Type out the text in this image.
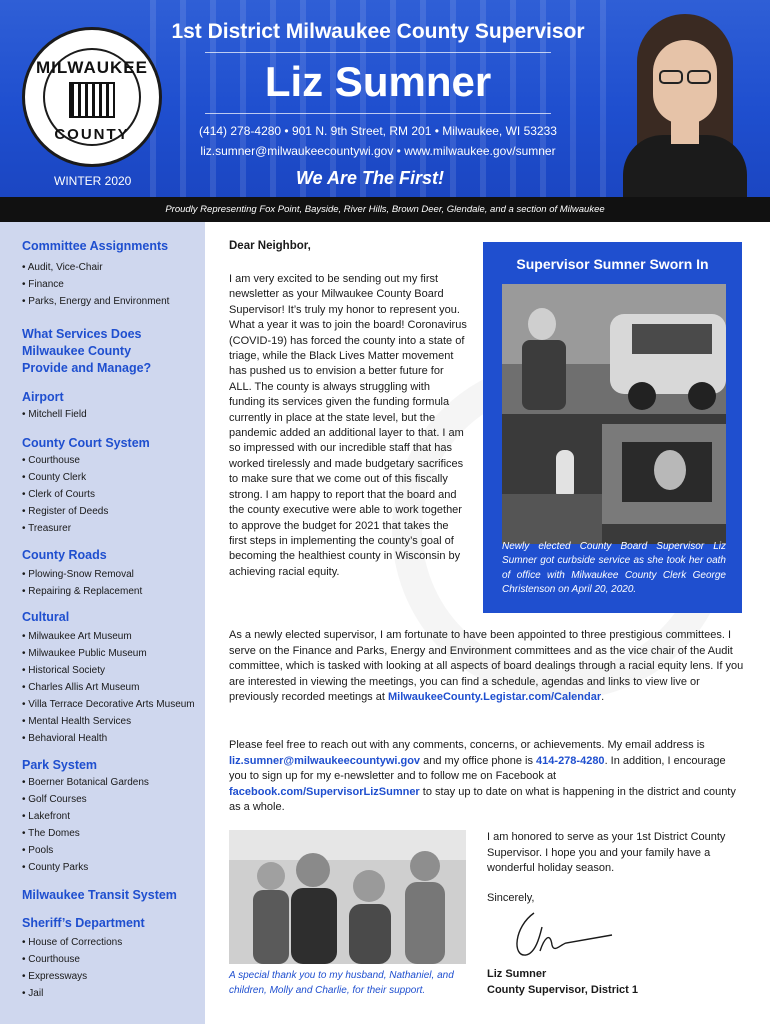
MILWAUKEE
COUNTY
1st District Milwaukee County Supervisor
Liz Sumner
(414) 278-4280 • 901 N. 9th Street, RM 201 • Milwaukee, WI 53233
liz.sumner@milwaukeecountywi.gov • www.milwaukee.gov/sumner
WINTER 2020	We Are The First!
Proudly Representing Fox Point, Bayside, River Hills, Brown Deer, Glendale, and a section of Milwaukee
Committee Assignments
• Audit, Vice-Chair
• Finance
• Parks, Energy and Environment
What Services Does
Milwaukee County
Provide and Manage?
Airport
• Mitchell Field
County Court System
• Courthouse
• County Clerk
• Clerk of Courts
• Register of Deeds
• Treasurer
County Roads
• Plowing-Snow Removal
• Repairing & Replacement
Cultural
• Milwaukee Art Museum
• Milwaukee Public Museum
• Historical Society
• Charles Allis Art Museum
• Villa Terrace Decorative Arts Museum
• Mental Health Services
• Behavioral Health
Park System
• Boerner Botanical Gardens
• Golf Courses
• Lakefront
• The Domes
• Pools
• County Parks
Milwaukee Transit System
Sheriff’s Department
• House of Corrections
• Courthouse
• Expressways
• Jail
Dear Neighbor,
I am very excited to be sending out my first newsletter as your Milwaukee County Board Supervisor! It’s truly my honor to represent you. What a year it was to join the board! Coronavirus (COVID-19) has forced the county into a state of triage, while the Black Lives Matter movement has pushed us to envision a better future for ALL. The county is always struggling with funding its services given the funding formula currently in place at the state level, but the pandemic added an additional layer to that. I am so impressed with our incredible staff that has worked tirelessly and made budgetary sacrifices to make sure that we come out of this fiscally strong. I am happy to report that the board and the county executive were able to work together to approve the budget for 2021 that takes the first steps in implementing the county’s goal of becoming the healthiest county in Wisconsin by achieving racial equity.
Supervisor Sumner Sworn In
Newly elected County Board Supervisor Liz Sumner got curbside service as she took her oath of office with Milwaukee County Clerk George Christenson on April 20, 2020.
As a newly elected supervisor, I am fortunate to have been appointed to three prestigious committees. I serve on the Finance and Parks, Energy and Environment committees and as the vice chair of the Audit committee, which is tasked with looking at all aspects of board dealings through a racial equity lens. If you are interested in viewing the meetings, you can find a schedule, agendas and links to view live or previously recorded meetings at MilwaukeeCounty.Legistar.com/Calendar.
Please feel free to reach out with any comments, concerns, or achievements. My email address is liz.sumner@milwaukeecountywi.gov and my office phone is 414-278-4280. In addition, I encourage you to sign up for my e-newsletter and to follow me on Facebook at facebook.com/SupervisorLizSumner to stay up to date on what is happening in the district and county as a whole.
A special thank you to my husband, Nathaniel, and children, Molly and Charlie, for their support.
I am honored to serve as your 1st District County Supervisor. I hope you and your family have a wonderful holiday season.
Sincerely,
Liz Sumner
County Supervisor, District 1
